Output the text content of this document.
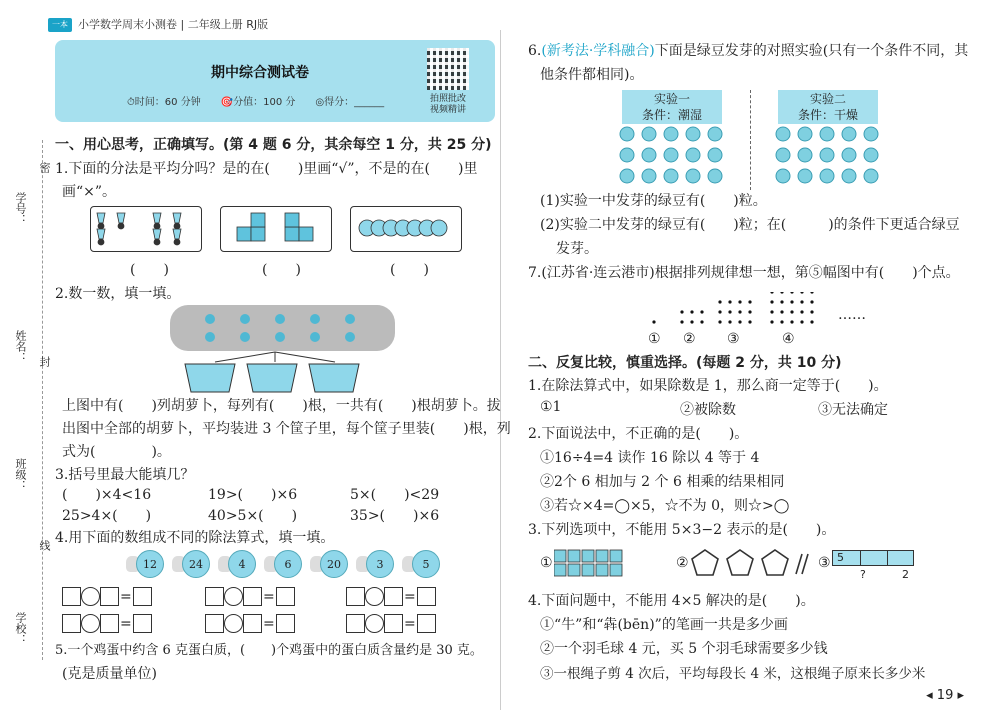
一本 小学数学周末小测卷 | 二年级上册 RJ版
期中综合测试卷
⏱时间：60 分钟　　🎯分值：100 分　　◎得分：______	拍照批改
视频精讲
学号：
姓名：
班级：
学校：
密
封
线
一、用心思考，正确填写。(第 4 题 6 分，其余每空 1 分，共 25 分)
1.下面的分法是平均分吗？是的在(　　)里画“√”，不是的在(　　)里
画“×”。
(　　)	(　　)	(　　)
2.数一数，填一填。
上图中有(　　)列胡萝卜，每列有(　　)根，一共有(　　)根胡萝卜。拔
出图中全部的胡萝卜，平均装进 3 个筐子里，每个筐子里装(　　)根，列
式为(　　　　)。
3.括号里最大能填几？
(　　)×4<16	19>(　　)×6	5×(　　)<29
25>4×(　　)	40>5×(　　)	35>(　　)×6
4.用下面的数组成不同的除法算式，填一填。
12	24	4	6	20	3	5
=	=	=
=	=	=
5.一个鸡蛋中约含 6 克蛋白质，(　　)个鸡蛋中的蛋白质含量约是 30 克。
(克是质量单位)
6.(新考法·学科融合)下面是绿豆发芽的对照实验(只有一个条件不同，其
他条件都相同)。
实验一
条件：潮湿
实验二
条件：干燥
(1)实验一中发芽的绿豆有(　　)粒。
(2)实验二中发芽的绿豆有(　　)粒；在(　　　)的条件下更适合绿豆
发芽。
7.(江苏省·连云港市)根据排列规律想一想，第⑤幅图中有(　　)个点。
……
① ② ③	④
二、反复比较，慎重选择。(每题 2 分，共 10 分)
1.在除法算式中，如果除数是 1，那么商一定等于(　　)。
①1	②被除数	③无法确定
2.下面说法中，不正确的是(　　)。
①16÷4=4 读作 16 除以 4 等于 4
②2个 6 相加与 2 个 6 相乘的结果相同
③若☆×4=◯×5，☆不为 0，则☆>◯
3.下列选项中，不能用 5×3−2 表示的是(　　)。
①	②	③ 5
?	2
4.下面问题中，不能用 4×5 解决的是(　　)。
①“牛”和“犇(bēn)”的笔画一共是多少画
②一个羽毛球 4 元，买 5 个羽毛球需要多少钱
③一根绳子剪 4 次后，平均每段长 4 米，这根绳子原来长多少米
◂ 19 ▸
